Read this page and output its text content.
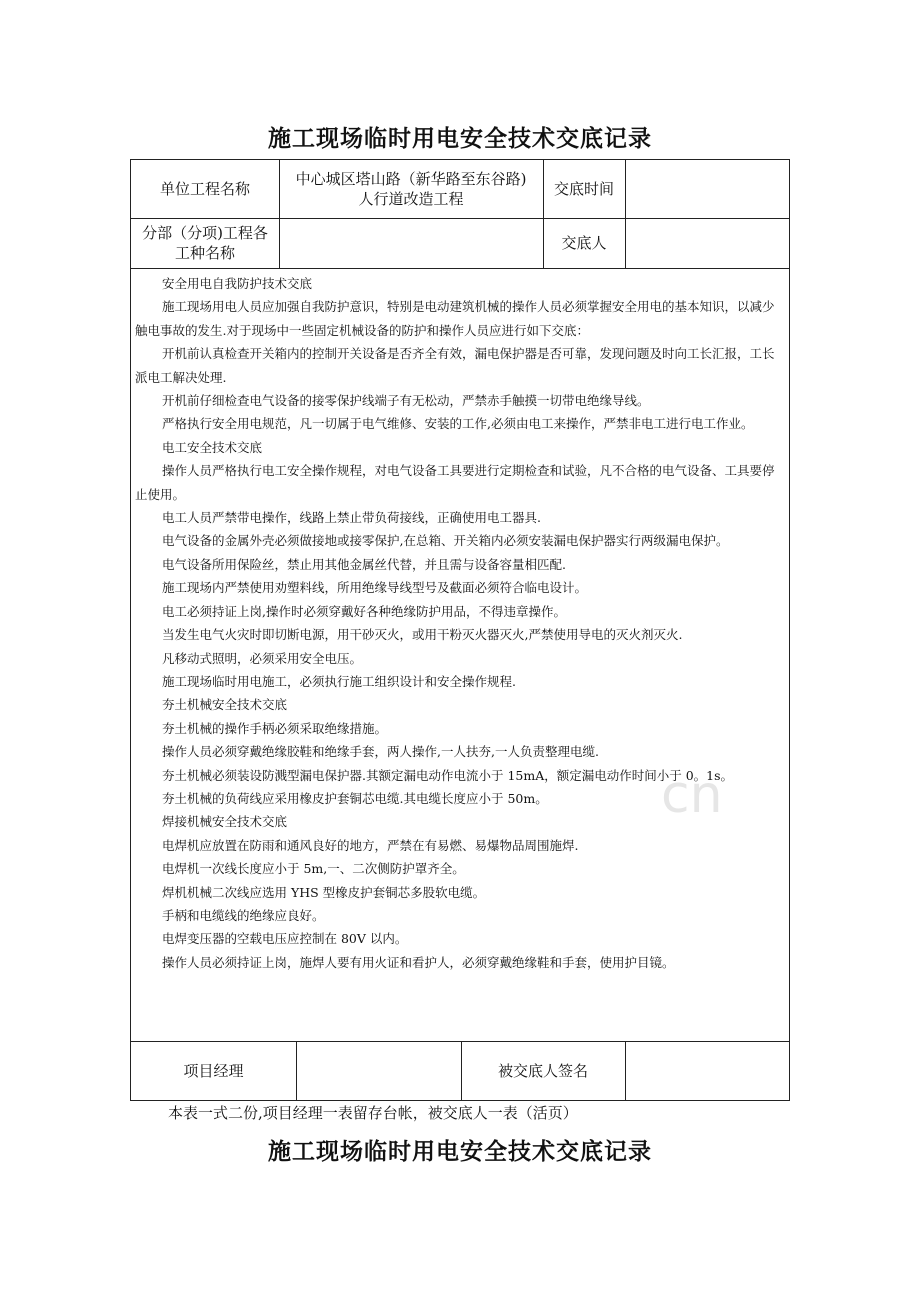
施工现场临时用电安全技术交底记录
单位工程名称
中心城区塔山路（新华路至东谷路)
人行道改造工程
交底时间
分部（分项)工程各
工种名称
交底人
cn

安全用电自我防护技术交底

施工现场用电人员应加强自我防护意识，特别是电动建筑机械的操作人员必须掌握安全用电的基本知识，以减少触电事故的发生.对于现场中一些固定机械设备的防护和操作人员应进行如下交底：

开机前认真检查开关箱内的控制开关设备是否齐全有效，漏电保护器是否可靠，发现问题及时向工长汇报，工长派电工解决处理.

开机前仔细检查电气设备的接零保护线端子有无松动，严禁赤手触摸一切带电绝缘导线。

严格执行安全用电规范，凡一切属于电气维修、安装的工作,必须由电工来操作，严禁非电工进行电工作业。

电工安全技术交底

操作人员严格执行电工安全操作规程，对电气设备工具要进行定期检查和试验，凡不合格的电气设备、工具要停止使用。

电工人员严禁带电操作，线路上禁止带负荷接线，正确使用电工器具.

电气设备的金属外壳必须做接地或接零保护,在总箱、开关箱内必须安装漏电保护器实行两级漏电保护。

电气设备所用保险丝，禁止用其他金属丝代替，并且需与设备容量相匹配.

施工现场内严禁使用劝塑料线，所用绝缘导线型号及截面必须符合临电设计。

电工必须持证上岗,操作时必须穿戴好各种绝缘防护用品，不得违章操作。

当发生电气火灾时即切断电源，用干砂灭火，或用干粉灭火器灭火,严禁使用导电的灭火剂灭火.

凡移动式照明，必须采用安全电压。

施工现场临时用电施工，必须执行施工组织设计和安全操作规程.

夯土机械安全技术交底

夯土机械的操作手柄必须采取绝缘措施。

操作人员必须穿戴绝缘胶鞋和绝缘手套，两人操作,一人扶夯,一人负责整理电缆.

夯土机械必须装设防溅型漏电保护器.其额定漏电动作电流小于 15mA，额定漏电动作时间小于 0。1s。

夯土机械的负荷线应采用橡皮护套铜芯电缆.其电缆长度应小于 50m。

焊接机械安全技术交底

电焊机应放置在防雨和通风良好的地方，严禁在有易燃、易爆物品周围施焊.

电焊机一次线长度应小于 5m,一、二次侧防护罩齐全。

焊机机械二次线应选用 YHS 型橡皮护套铜芯多股软电缆。

手柄和电缆线的绝缘应良好。

电焊变压器的空载电压应控制在 80V 以内。

操作人员必须持证上岗，施焊人要有用火证和看护人，必须穿戴绝缘鞋和手套，使用护目镜。

项目经理	被交底人签名
本表一式二份,项目经理一表留存台帐，被交底人一表（活页）
施工现场临时用电安全技术交底记录
